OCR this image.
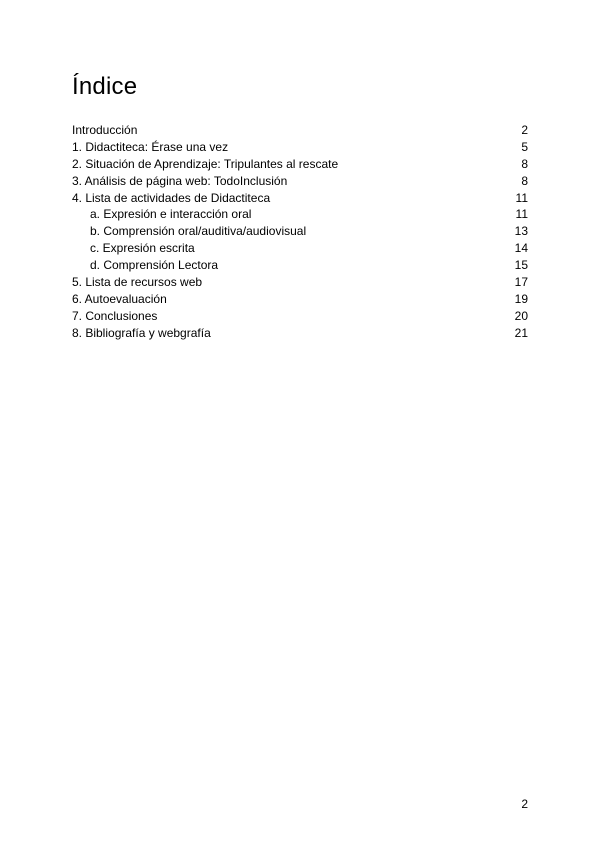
Índice
Introducción	2
1. Didactiteca: Érase una vez	5
2. Situación de Aprendizaje: Tripulantes al rescate	8
3. Análisis de página web: TodoInclusión	8
4. Lista de actividades de Didactiteca	11
a. Expresión e interacción oral	11
b. Comprensión oral/auditiva/audiovisual	13
c. Expresión escrita	14
d. Comprensión Lectora	15
5. Lista de recursos web	17
6. Autoevaluación	19
7. Conclusiones	20
8. Bibliografía y webgrafía	21
2
